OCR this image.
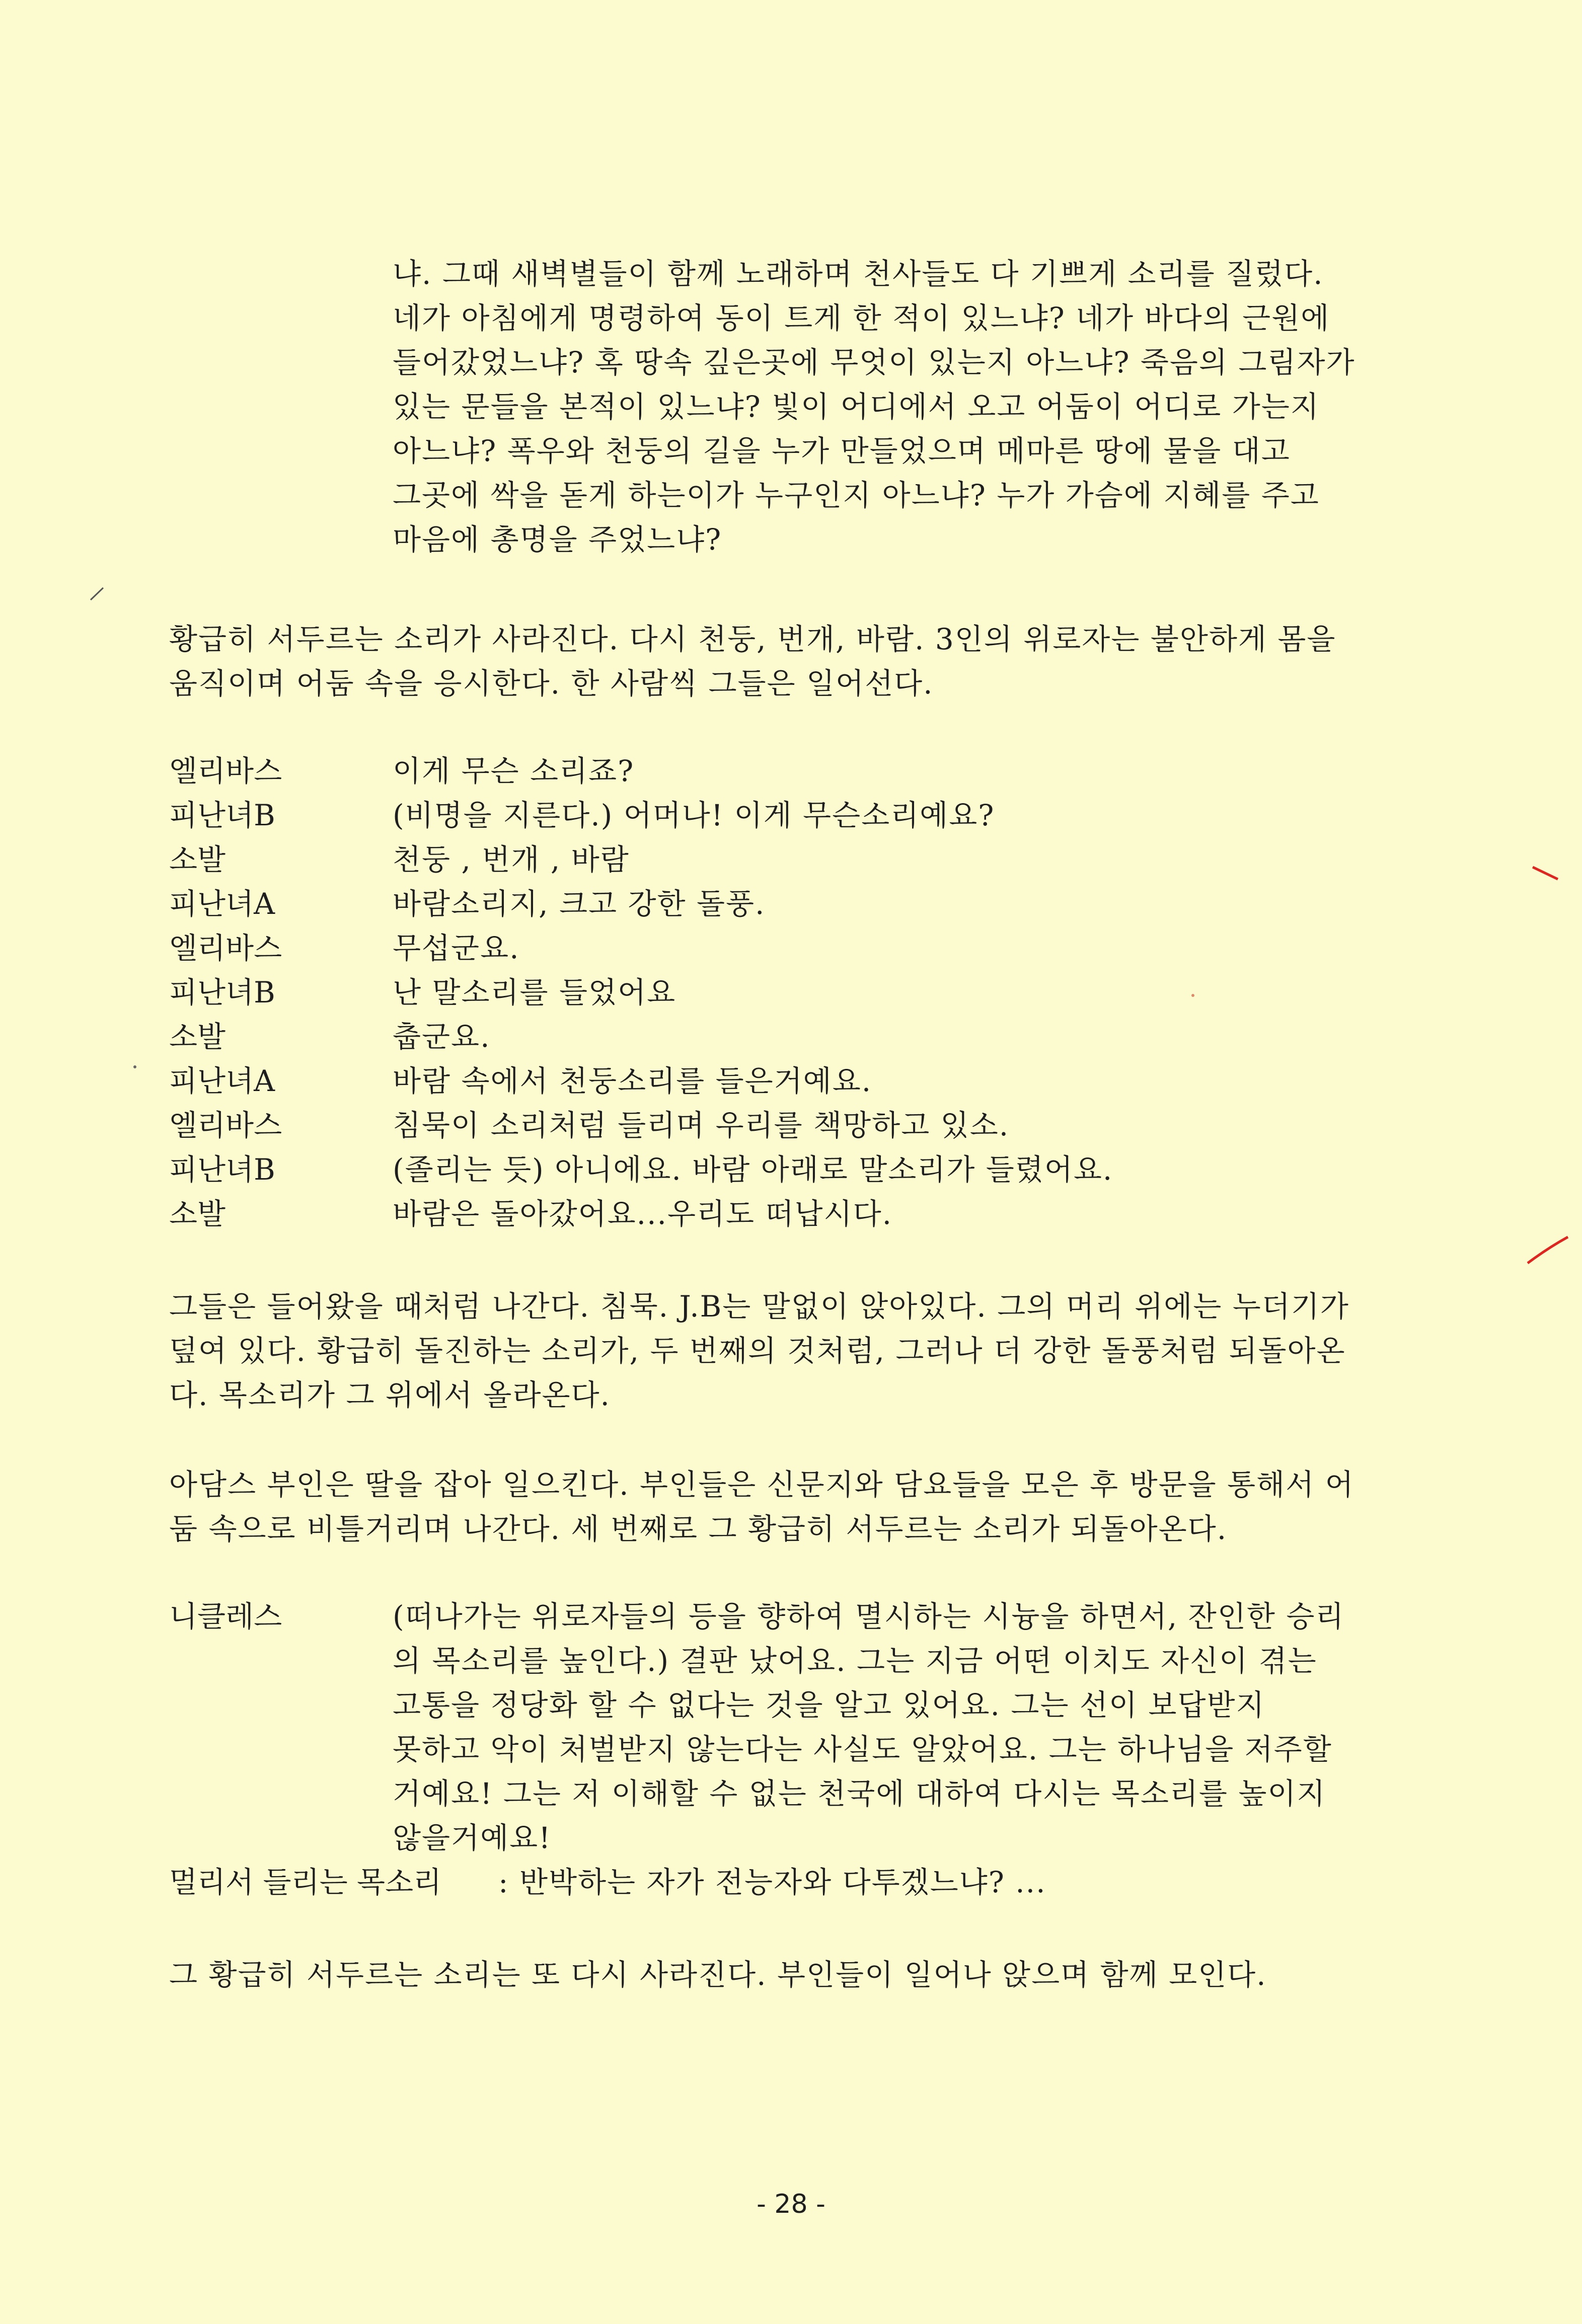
냐. 그때 새벽별들이 함께 노래하며 천사들도 다 기쁘게 소리를 질렀다.
네가 아침에게 명령하여 동이 트게 한 적이 있느냐? 네가 바다의 근원에
들어갔었느냐? 혹 땅속 깊은곳에 무엇이 있는지 아느냐? 죽음의 그림자가
있는 문들을 본적이 있느냐? 빛이 어디에서 오고 어둠이 어디로 가는지
아느냐? 폭우와 천둥의 길을 누가 만들었으며 메마른 땅에 물을 대고
그곳에 싹을 돋게 하는이가 누구인지 아느냐? 누가 가슴에 지혜를 주고
마음에 총명을 주었느냐?
황급히 서두르는 소리가 사라진다. 다시 천둥, 번개, 바람. 3인의 위로자는 불안하게 몸을
움직이며 어둠 속을 응시한다. 한 사람씩 그들은 일어선다.
엘리바스	이게 무슨 소리죠?
피난녀B	(비명을 지른다.) 어머나! 이게 무슨소리예요?
소발	천둥 , 번개 , 바람
피난녀A	바람소리지, 크고 강한 돌풍.
엘리바스	무섭군요.
피난녀B	난 말소리를 들었어요
소발	춥군요.
피난녀A	바람 속에서 천둥소리를 들은거예요.
엘리바스	침묵이 소리처럼 들리며 우리를 책망하고 있소.
피난녀B	(졸리는 듯) 아니에요. 바람 아래로 말소리가 들렸어요.
소발	바람은 돌아갔어요...우리도 떠납시다.
그들은 들어왔을 때처럼 나간다. 침묵. J.B는 말없이 앉아있다. 그의 머리 위에는 누더기가
덮여 있다. 황급히 돌진하는 소리가, 두 번째의 것처럼, 그러나 더 강한 돌풍처럼 되돌아온
다. 목소리가 그 위에서 올라온다.
아담스 부인은 딸을 잡아 일으킨다. 부인들은 신문지와 담요들을 모은 후 방문을 통해서 어
둠 속으로 비틀거리며 나간다. 세 번째로 그 황급히 서두르는 소리가 되돌아온다.
니클레스	(떠나가는 위로자들의 등을 향하여 멸시하는 시늉을 하면서, 잔인한 승리
의 목소리를 높인다.) 결판 났어요. 그는 지금 어떤 이치도 자신이 겪는
고통을 정당화 할 수 없다는 것을 알고 있어요. 그는 선이 보답받지
못하고 악이 처벌받지 않는다는 사실도 알았어요. 그는 하나님을 저주할
거예요! 그는 저 이해할 수 없는 천국에 대하여 다시는 목소리를 높이지
않을거예요!
멀리서 들리는 목소리 : 반박하는 자가 전능자와 다투겠느냐? ...
그 황급히 서두르는 소리는 또 다시 사라진다. 부인들이 일어나 앉으며 함께 모인다.
- 28 -
